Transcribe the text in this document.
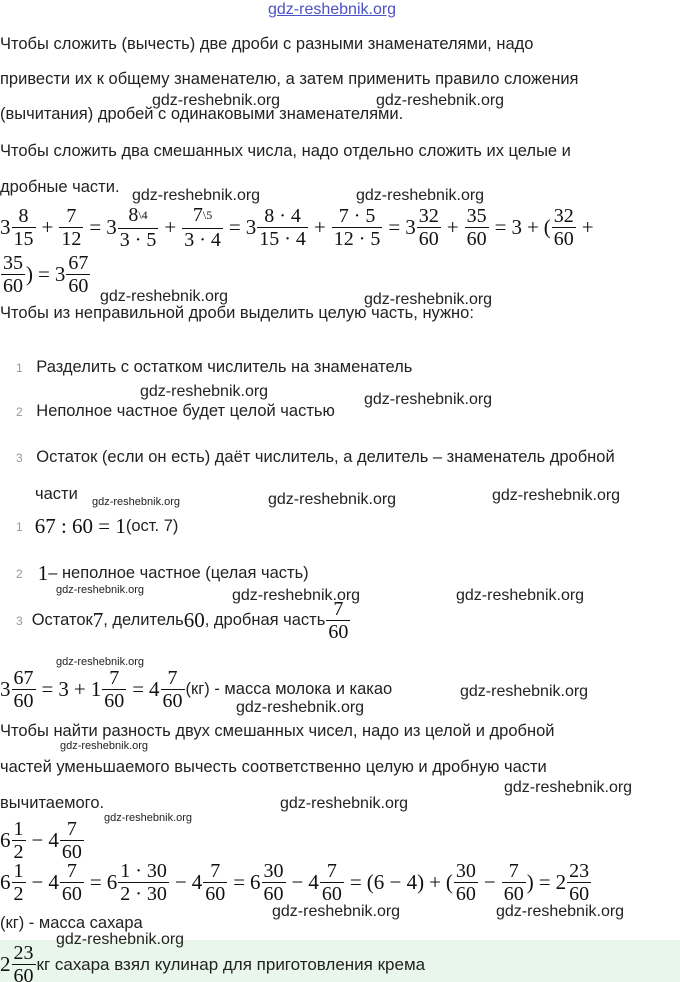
gdz-reshebnik.org
Чтобы сложить (вычесть) две дроби с разными знаменателями, надо
привести их к общему знаменателю, а затем применить правило сложения
(вычитания) дробей с одинаковыми знаменателями.
Чтобы сложить два смешанных числа, надо отдельно сложить их целые и
дробные части.
$3 \frac{8}{15} + \frac{7}{12} = 3 \frac{8\backslash 4}{3 \cdot 5} + \frac{7\backslash 5}{3 \cdot 4} = 3 \frac{8 \cdot 4}{15 \cdot 4} + \frac{7 \cdot 5}{12 \cdot 5} = 3 \frac{32}{60} + \frac{35}{60} = 3$ + ( $\frac{32}{60}$ +
$\frac{35}{60}$ ) = $3 \frac{67}{60}$
Чтобы из неправильной дроби выделить целую часть, нужно:
1 Разделить с остатком числитель на знаменатель
2 Неполное частное будет целой частью
3 Остаток (если он есть) даёт числитель, а делитель – знаменатель дробной
части
1 67 : 60 = 1 (ост. 7)
2 1 – неполное частное (целая часть)
3 Остаток 7 , делитель 60 , дробная часть $\frac{7}{60}$
$3 \frac{67}{60} = 3 + 1 \frac{7}{60} = 4 \frac{7}{60} (кг)$ - масса молока и какао
Чтобы найти разность двух смешанных чисел, надо из целой и дробной
частей уменьшаемого вычесть соответственно целую и дробную части
вычитаемого.
$6 \frac{1}{2} - 4 \frac{7}{60}$
$6 \frac{1}{2} - 4 \frac{7}{60} = 6 \frac{1 \cdot 30}{2 \cdot 30} - 4 \frac{7}{60} = 6 \frac{30}{60} - 4 \frac{7}{60} = (6 - 4)$ + ( $\frac{30}{60} - \frac{7}{60}$ ) = $2 \frac{23}{60}$
(кг) - масса сахара
$2 \frac{23}{60}$ кг сахара взял кулинар для приготовления крема
gdz-reshebnik.org	gdz-reshebnik.org
gdz-reshebnik.org	gdz-reshebnik.org
gdz-reshebnik.org	gdz-reshebnik.org
gdz-reshebnik.org	gdz-reshebnik.org
gdz-reshebnik.org	gdz-reshebnik.org	gdz-reshebnik.org
gdz-reshebnik.org	gdz-reshebnik.org	gdz-reshebnik.org
gdz-reshebnik.org
gdz-reshebnik.org
gdz-reshebnik.org
gdz-reshebnik.org
gdz-reshebnik.org
gdz-reshebnik.org
gdz-reshebnik.org
gdz-reshebnik.org	gdz-reshebnik.org
gdz-reshebnik.org
